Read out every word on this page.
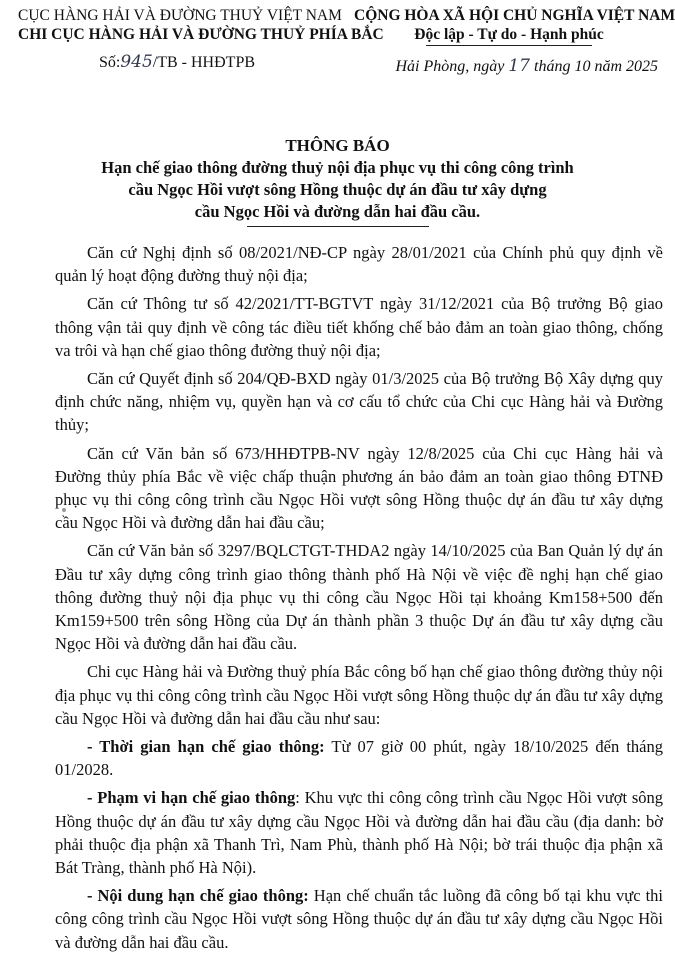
CỤC HÀNG HẢI VÀ ĐƯỜNG THUỶ VIỆT NAM
CHI CỤC HÀNG HẢI VÀ ĐƯỜNG THUỶ PHÍA BẮC
Số:945/TB - HHĐTPB
CỘNG HÒA XÃ HỘI CHỦ NGHĨA VIỆT NAM
Độc lập - Tự do - Hạnh phúc
Hải Phòng, ngày 17 tháng 10 năm 2025
THÔNG BÁO
Hạn chế giao thông đường thuỷ nội địa phục vụ thi công công trình
cầu Ngọc Hồi vượt sông Hồng thuộc dự án đầu tư xây dựng
cầu Ngọc Hồi và đường dẫn hai đầu cầu.

Căn cứ Nghị định số 08/2021/NĐ-CP ngày 28/01/2021 của Chính phủ quy định về quản lý hoạt động đường thuỷ nội địa;

Căn cứ Thông tư số 42/2021/TT-BGTVT ngày 31/12/2021 của Bộ trưởng Bộ giao thông vận tải quy định về công tác điều tiết khống chế bảo đảm an toàn giao thông, chống va trôi và hạn chế giao thông đường thuỷ nội địa;

Căn cứ Quyết định số 204/QĐ-BXD ngày 01/3/2025 của Bộ trưởng Bộ Xây dựng quy định chức năng, nhiệm vụ, quyền hạn và cơ cấu tổ chức của Chi cục Hàng hải và Đường thủy;

Căn cứ Văn bản số 673/HHĐTPB-NV ngày 12/8/2025 của Chi cục Hàng hải và Đường thủy phía Bắc về việc chấp thuận phương án bảo đảm an toàn giao thông ĐTNĐ phục vụ thi công công trình cầu Ngọc Hồi vượt sông Hồng thuộc dự án đầu tư xây dựng cầu Ngọc Hồi và đường dẫn hai đầu cầu;

Căn cứ Văn bản số 3297/BQLCTGT-THDA2 ngày 14/10/2025 của Ban Quản lý dự án Đầu tư xây dựng công trình giao thông thành phố Hà Nội về việc đề nghị hạn chế giao thông đường thuỷ nội địa phục vụ thi công cầu Ngọc Hồi tại khoảng Km158+500 đến Km159+500 trên sông Hồng của Dự án thành phần 3 thuộc Dự án đầu tư xây dựng cầu Ngọc Hồi và đường dẫn hai đầu cầu.

Chi cục Hàng hải và Đường thuỷ phía Bắc công bố hạn chế giao thông đường thủy nội địa phục vụ thi công công trình cầu Ngọc Hồi vượt sông Hồng thuộc dự án đầu tư xây dựng cầu Ngọc Hồi và đường dẫn hai đầu cầu như sau:

- Thời gian hạn chế giao thông: Từ 07 giờ 00 phút, ngày 18/10/2025 đến tháng 01/2028.

- Phạm vi hạn chế giao thông: Khu vực thi công công trình cầu Ngọc Hồi vượt sông Hồng thuộc dự án đầu tư xây dựng cầu Ngọc Hồi và đường dẫn hai đầu cầu (địa danh: bờ phải thuộc địa phận xã Thanh Trì, Nam Phù, thành phố Hà Nội; bờ trái thuộc địa phận xã Bát Tràng, thành phố Hà Nội).

- Nội dung hạn chế giao thông: Hạn chế chuẩn tắc luồng đã công bố tại khu vực thi công công trình cầu Ngọc Hồi vượt sông Hồng thuộc dự án đầu tư xây dựng cầu Ngọc Hồi và đường dẫn hai đầu cầu.
